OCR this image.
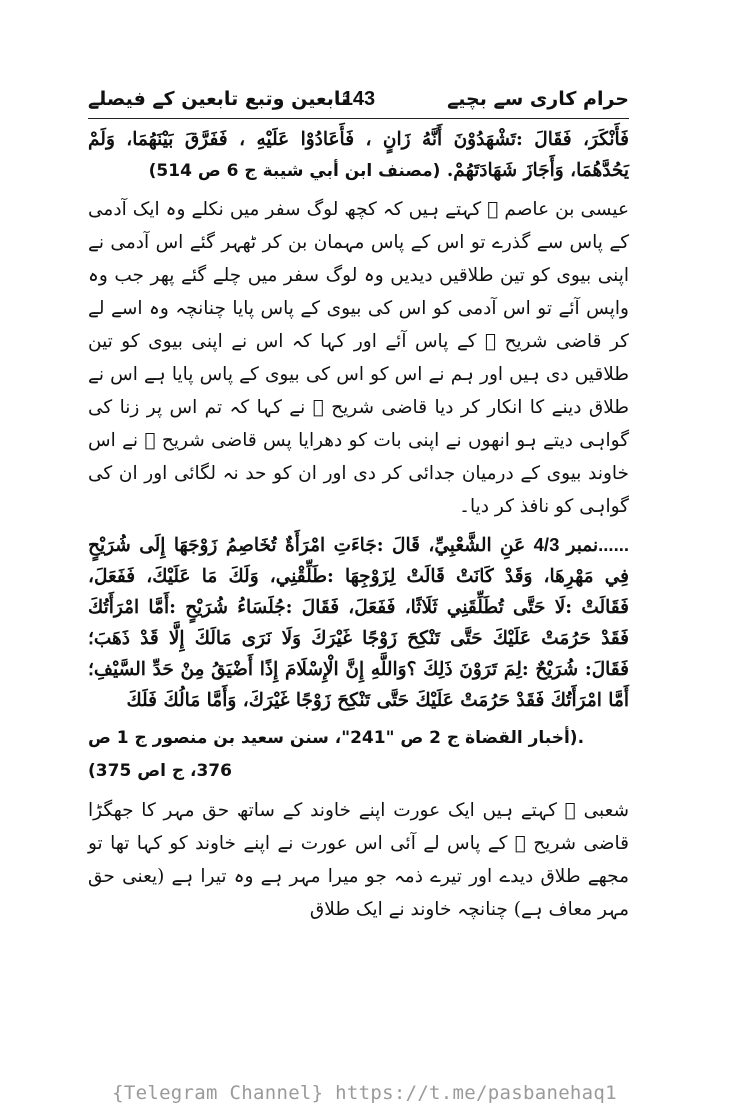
حرام کاری سے بچیے
143
تابعین وتبع تابعین کے فیصلے

فَأَنْكَرَ، فَقَالَ :تَشْهَدُوْنَ أَنَّهُ زَانٍ ، فَأَعَادُوْا عَلَيْهِ ، فَفَرَّقَ بَيْنَهُمَا، وَلَمْ يَحُدَّهُمَا، وَأَجَازَ شَهَادَتَهُمْ. (مصنف ابن أبي شيبة ج 6 ص 514)

عیسی بن عاصم ﷫ کہتے ہیں کہ کچھ لوگ سفر میں نکلے وہ ایک آدمی کے پاس سے گذرے تو اس کے پاس مہمان بن کر ٹھہر گئے اس آدمی نے اپنی بیوی کو تین طلاقیں دیدیں وہ لوگ سفر میں چلے گئے پھر جب وہ واپس آئے تو اس آدمی کو اس کی بیوی کے پاس پایا چنانچہ وہ اسے لے کر قاضی شریح ﷫ کے پاس آئے اور کہا کہ اس نے اپنی بیوی کو تین طلاقیں دی ہیں اور ہم نے اس کو اس کی بیوی کے پاس پایا ہے اس نے طلاق دینے کا انکار کر دیا قاضی شریح ﷫ نے کہا کہ تم اس پر زنا کی گواہی دیتے ہو انھوں نے اپنی بات کو دھرایا پس قاضی شریح ﷫ نے اس خاوند بیوی کے درمیان جدائی کر دی اور ان کو حد نہ لگائی اور ان کی گواہی کو نافذ کر دیا۔

نمبر 4/3...... عَنِ الشَّعْبِيِّ، قَالَ :جَاءَتِ امْرَأَةٌ تُخَاصِمُ زَوْجَهَا إِلَى شُرَيْحٍ فِي مَهْرِهَا، وَقَدْ كَانَتْ قَالَتْ لِزَوْجِهَا :طَلِّقْنِي، وَلَكَ مَا عَلَيْكَ، فَفَعَلَ، فَقَالَتْ :لَا حَتَّى تُطَلِّقَنِي ثَلَاثًا، فَفَعَلَ، فَقَالَ :جُلَسَاءُ شُرَيْحٍ :أَمَّا امْرَأَتُكَ فَقَدْ حَرُمَتْ عَلَيْكَ حَتَّى تَنْكِحَ زَوْجًا غَيْرَكَ وَلَا نَرَى مَالَكَ إِلَّا قَدْ ذَهَبَ؛ فَقَالَ: شُرَيْحٌ :لِمَ تَرَوْنَ ذَلِكَ ؟وَاللَّهِ إِنَّ الْإِسْلَامَ إِذًا أَضْيَقُ مِنْ حَدِّ السَّيْفِ؛ أَمَّا امْرَأَتُكَ فَقَدْ حَرُمَتْ عَلَيْكَ حَتَّى تَنْكِحَ زَوْجًا غَيْرَكَ، وَأَمَّا مَالُكَ فَلَكَ

.(أخبار القضاة ج 2 ص "241"، سنن سعيد بن منصور ج 1 ص 376، ج اص 375)

شعبی ﷫ کہتے ہیں ایک عورت اپنے خاوند کے ساتھ حق مہر کا جھگڑا قاضی شریح ﷫ کے پاس لے آئی اس عورت نے اپنے خاوند کو کہا تھا تو مجھے طلاق دیدے اور تیرے ذمہ جو میرا مہر ہے وہ تیرا ہے (یعنی حق مہر معاف ہے) چنانچہ خاوند نے ایک طلاق

{Telegram Channel} https://t.me/pasbanehaq1
